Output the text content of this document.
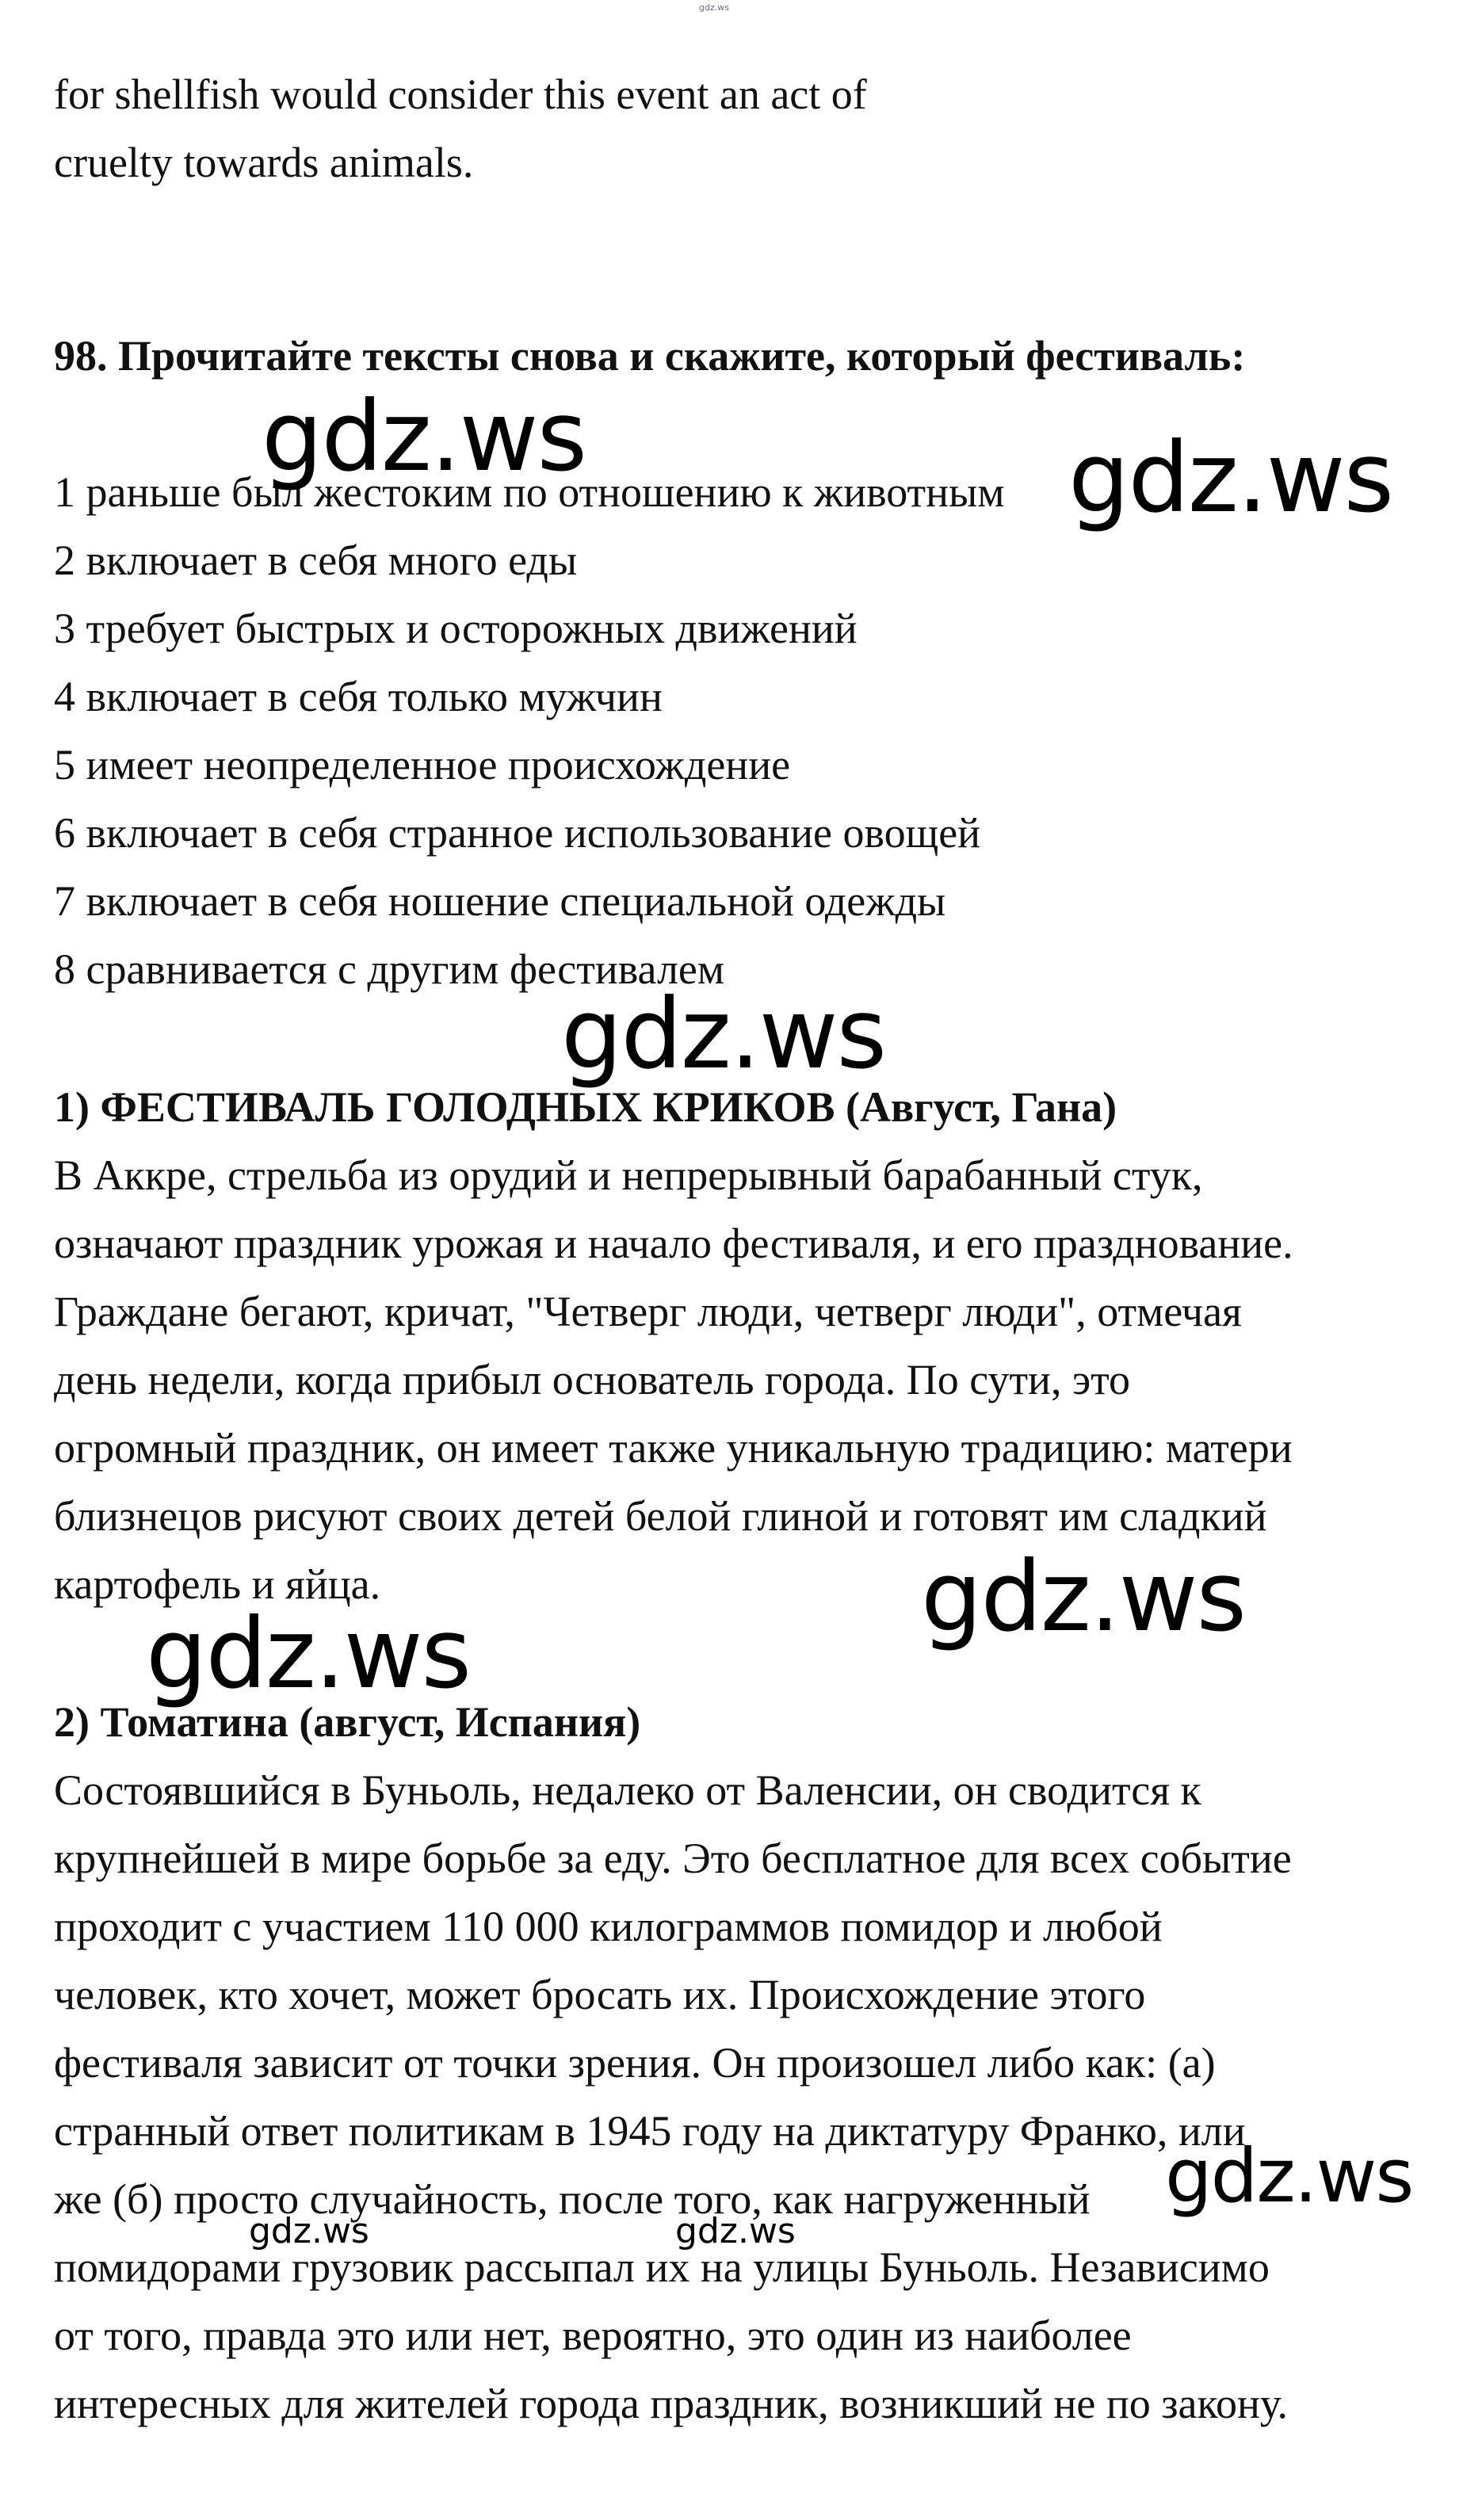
gdz.ws
for shellfish would consider this event an act of
cruelty towards animals.
98. Прочитайте тексты снова и скажите, который фестиваль:
1 раньше был жестоким по отношению к животным
2 включает в себя много еды
3 требует быстрых и осторожных движений
4 включает в себя только мужчин
5 имеет неопределенное происхождение
6 включает в себя странное использование овощей
7 включает в себя ношение специальной одежды
8 сравнивается с другим фестивалем
1) ФЕСТИВАЛЬ ГОЛОДНЫХ КРИКОВ (Август, Гана)
В Аккре, стрельба из орудий и непрерывный барабанный стук,
означают праздник урожая и начало фестиваля, и его празднование.
Граждане бегают, кричат, "Четверг люди, четверг люди", отмечая
день недели, когда прибыл основатель города. По сути, это
огромный праздник, он имеет также уникальную традицию: матери
близнецов рисуют своих детей белой глиной и готовят им сладкий
картофель и яйца.
2) Томатина (август, Испания)
Состоявшийся в Буньоль, недалеко от Валенсии, он сводится к
крупнейшей в мире борьбе за еду. Это бесплатное для всех событие
проходит с участием 110 000 килограммов помидор и любой
человек, кто хочет, может бросать их. Происхождение этого
фестиваля зависит от точки зрения. Он произошел либо как: (а)
странный ответ политикам в 1945 году на диктатуру Франко, или
же (б) просто случайность, после того, как нагруженный
помидорами грузовик рассыпал их на улицы Буньоль. Независимо
от того, правда это или нет, вероятно, это один из наиболее
интересных для жителей города праздник, возникший не по закону.
gdz.ws	gdz.ws
gdz.ws
gdz.ws
gdz.ws
gdz.ws
gdz.ws	gdz.ws
